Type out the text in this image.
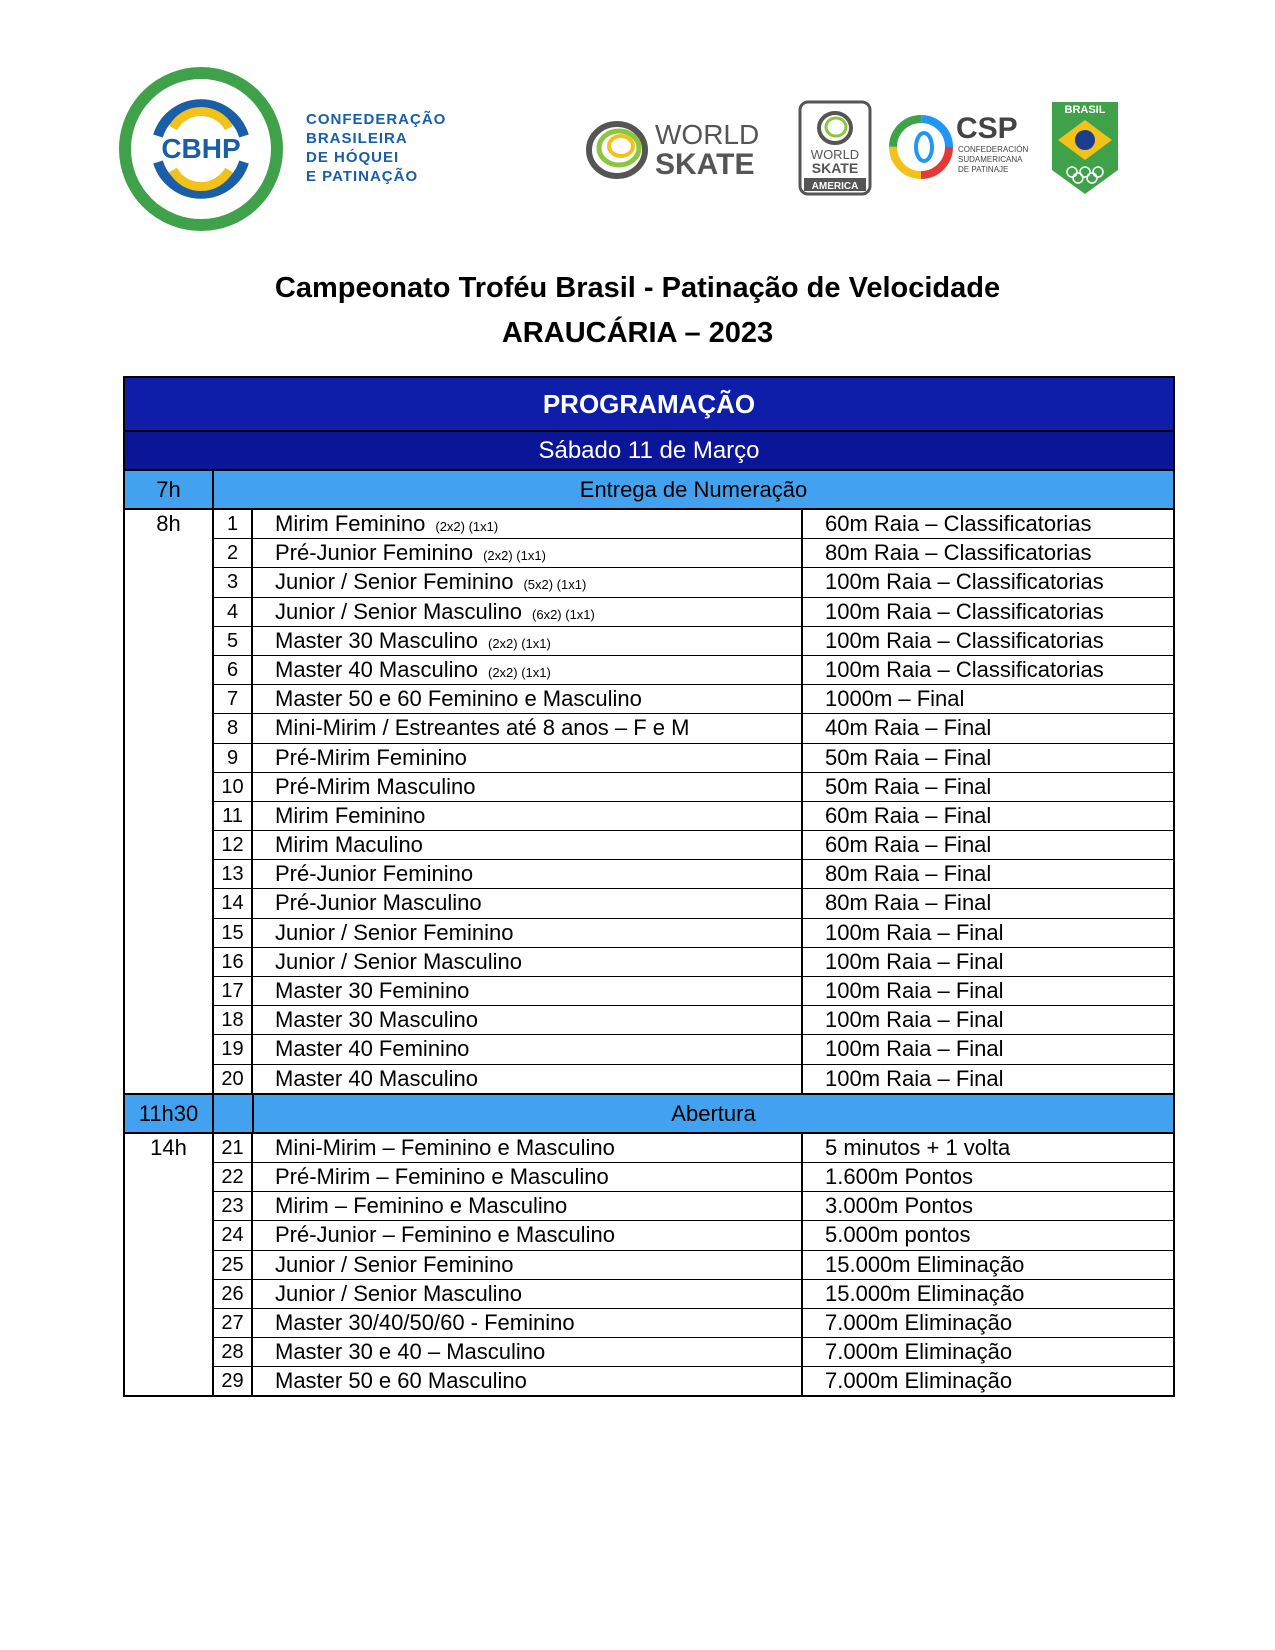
CBHP
CONFEDERAÇÃO
BRASILEIRA
DE HÓQUEI
E PATINAÇÃO
WORLD
SKATE	WORLD
SKATE
AMERICA
CSP
CONFEDERACIÓN
SUDAMERICANA
DE PATINAJE
BRASIL
Campeonato Troféu Brasil - Patinação de Velocidade
ARAUCÁRIA – 2023
PROGRAMAÇÃO
Sábado 11 de Março
7h	Entrega de Numeração
8h	1	Mirim Feminino (2x2) (1x1)	60m Raia – Classificatorias
2	Pré-Junior Feminino (2x2) (1x1)	80m Raia – Classificatorias
3	Junior / Senior Feminino (5x2) (1x1)	100m Raia – Classificatorias
4	Junior / Senior Masculino (6x2) (1x1)	100m Raia – Classificatorias
5	Master 30 Masculino (2x2) (1x1)	100m Raia – Classificatorias
6	Master 40 Masculino (2x2) (1x1)	100m Raia – Classificatorias
7	Master 50 e 60 Feminino e Masculino	1000m – Final
8	Mini-Mirim / Estreantes até 8 anos – F e M	40m Raia – Final
9	Pré-Mirim Feminino	50m Raia – Final
10	Pré-Mirim Masculino	50m Raia – Final
11	Mirim Feminino	60m Raia – Final
12	Mirim Maculino	60m Raia – Final
13	Pré-Junior Feminino	80m Raia – Final
14	Pré-Junior Masculino	80m Raia – Final
15	Junior / Senior Feminino	100m Raia – Final
16	Junior / Senior Masculino	100m Raia – Final
17	Master 30 Feminino	100m Raia – Final
18	Master 30 Masculino	100m Raia – Final
19	Master 40 Feminino	100m Raia – Final
20	Master 40 Masculino	100m Raia – Final
11h30	Abertura
14h	21	Mini-Mirim – Feminino e Masculino	5 minutos + 1 volta
22	Pré-Mirim – Feminino e Masculino	1.600m Pontos
23	Mirim – Feminino e Masculino	3.000m Pontos
24	Pré-Junior – Feminino e Masculino	5.000m pontos
25	Junior / Senior Feminino	15.000m Eliminação
26	Junior / Senior Masculino	15.000m Eliminação
27	Master 30/40/50/60 - Feminino	7.000m Eliminação
28	Master 30 e 40 – Masculino	7.000m Eliminação
29	Master 50 e 60 Masculino	7.000m Eliminação
